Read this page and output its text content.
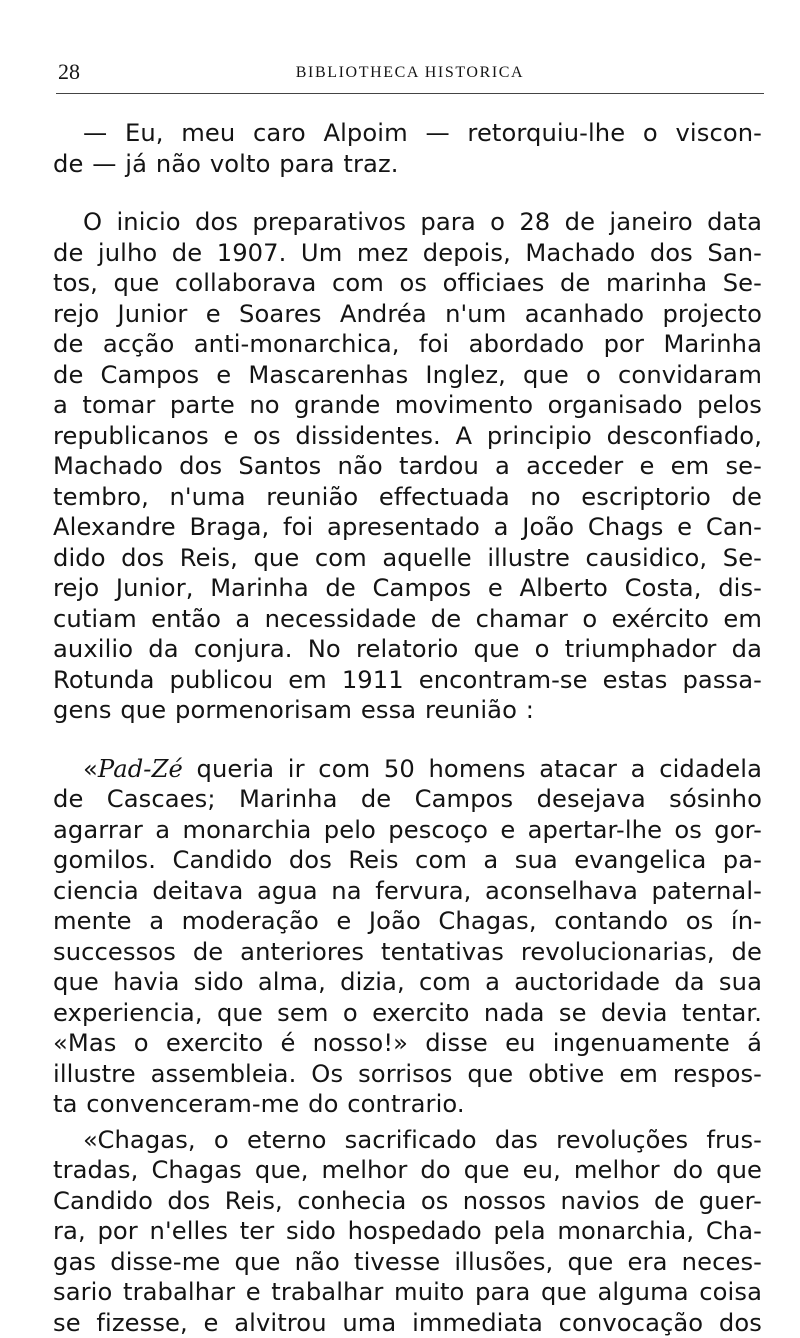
28	BIBLIOTHECA HISTORICA
— Eu, meu caro Alpoim — retorquiu-lhe o viscon-
de — já não volto para traz.
O inicio dos preparativos para o 28 de janeiro data
de julho de 1907. Um mez depois, Machado dos San-
tos, que collaborava com os officiaes de marinha Se-
rejo Junior e Soares Andréa n'um acanhado projecto
de acção anti-monarchica, foi abordado por Marinha
de Campos e Mascarenhas Inglez, que o convidaram
a tomar parte no grande movimento organisado pelos
republicanos e os dissidentes. A principio desconfiado,
Machado dos Santos não tardou a acceder e em se-
tembro, n'uma reunião effectuada no escriptorio de
Alexandre Braga, foi apresentado a João Chags e Can-
dido dos Reis, que com aquelle illustre causidico, Se-
rejo Junior, Marinha de Campos e Alberto Costa, dis-
cutiam então a necessidade de chamar o exército em
auxilio da conjura. No relatorio que o triumphador da
Rotunda publicou em 1911 encontram-se estas passa-
gens que pormenorisam essa reunião :
«Pad-Zé queria ir com 50 homens atacar a cidadela
de Cascaes; Marinha de Campos desejava sósinho
agarrar a monarchia pelo pescoço e apertar-lhe os gor-
gomilos. Candido dos Reis com a sua evangelica pa-
ciencia deitava agua na fervura, aconselhava paternal-
mente a moderação e João Chagas, contando os ín-
successos de anteriores tentativas revolucionarias, de
que havia sido alma, dizia, com a auctoridade da sua
experiencia, que sem o exercito nada se devia tentar.
«Mas o exercito é nosso!» disse eu ingenuamente á
illustre assembleia. Os sorrisos que obtive em respos-
ta convenceram-me do contrario.
«Chagas, o eterno sacrificado das revoluções frus-
tradas, Chagas que, melhor do que eu, melhor do que
Candido dos Reis, conhecia os nossos navios de guer-
ra, por n'elles ter sido hospedado pela monarchia, Cha-
gas disse-me que não tivesse illusões, que era neces-
sario trabalhar e trabalhar muito para que alguma coisa
se fizesse, e alvitrou uma immediata convocação dos
